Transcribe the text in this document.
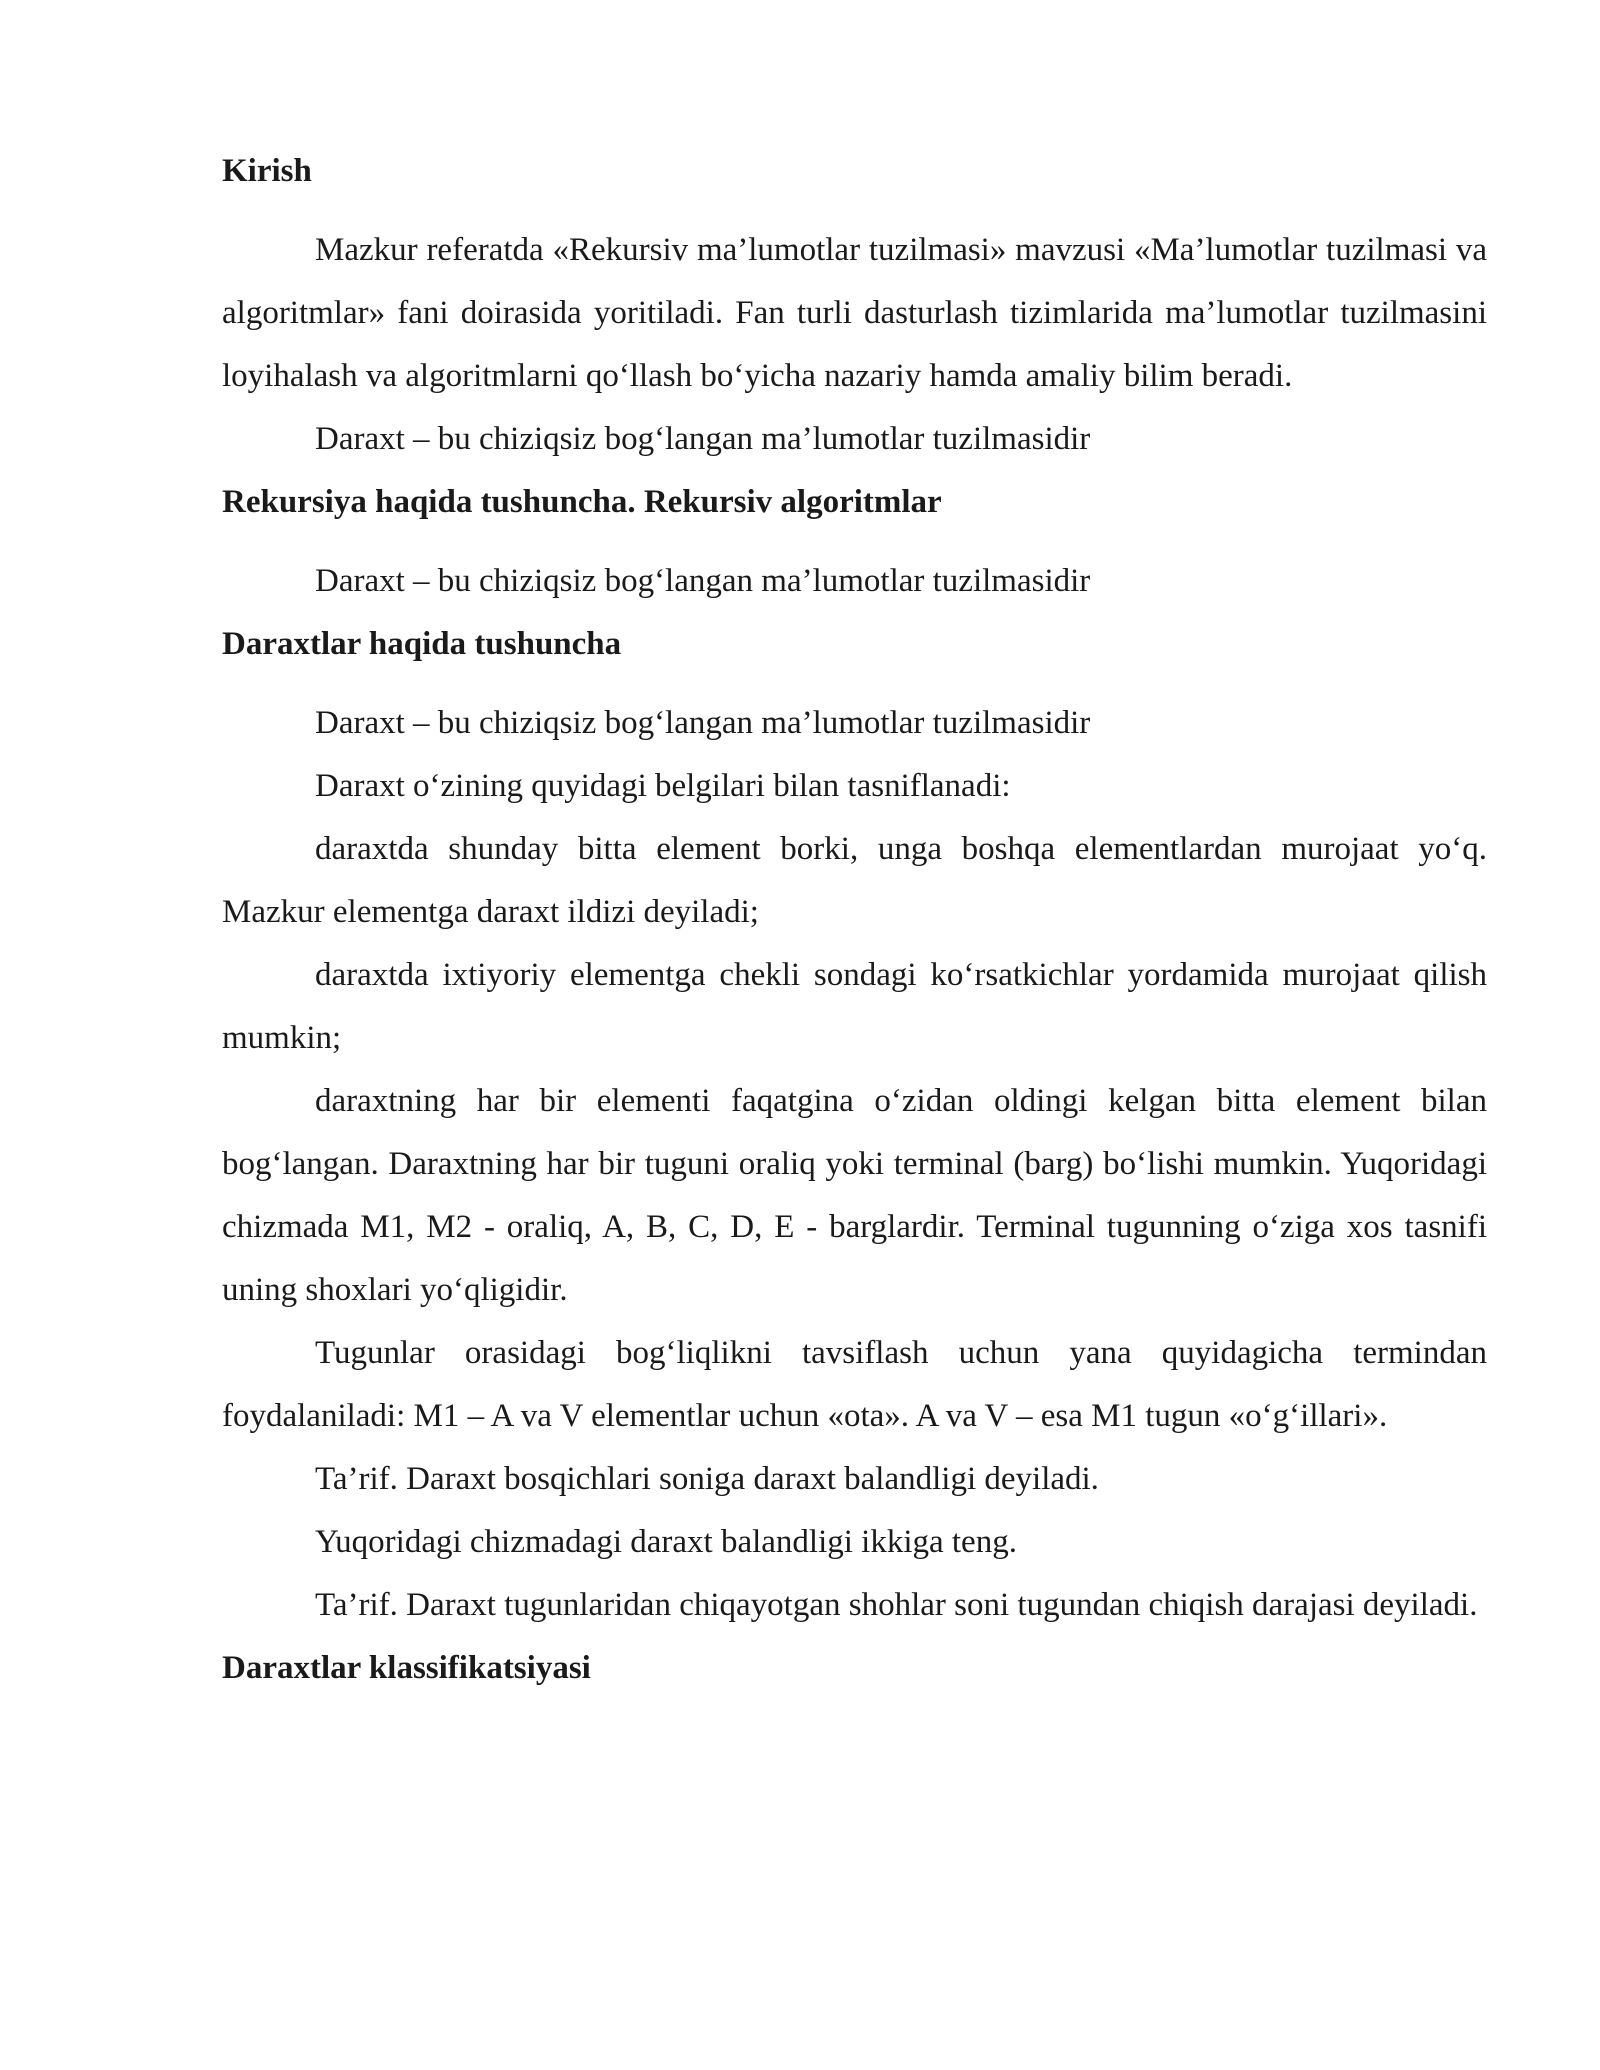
Kirish

Mazkur referatda «Rekursiv ma’lumotlar tuzilmasi» mavzusi «Ma’lumotlar tuzilmasi va algoritmlar» fani doirasida yoritiladi. Fan turli dasturlash tizimlarida ma’lumotlar tuzilmasini loyihalash va algoritmlarni qo‘llash bo‘yicha nazariy hamda amaliy bilim beradi.

Daraxt – bu chiziqsiz bog‘langan ma’lumotlar tuzilmasidir

Rekursiya haqida tushuncha. Rekursiv algoritmlar

Daraxt – bu chiziqsiz bog‘langan ma’lumotlar tuzilmasidir

Daraxtlar haqida tushuncha

Daraxt – bu chiziqsiz bog‘langan ma’lumotlar tuzilmasidir

Daraxt o‘zining quyidagi belgilari bilan tasniflanadi:

daraxtda shunday bitta element borki, unga boshqa elementlardan murojaat yo‘q. Mazkur elementga daraxt ildizi deyiladi;

daraxtda ixtiyoriy elementga chekli sondagi ko‘rsatkichlar yordamida murojaat qilish mumkin;

daraxtning har bir elementi faqatgina o‘zidan oldingi kelgan bitta element bilan bog‘langan. Daraxtning har bir tuguni oraliq yoki terminal (barg) bo‘lishi mumkin. Yuqoridagi chizmada M1, M2 - oraliq, A, B, C, D, E - barglardir. Terminal tugunning o‘ziga xos tasnifi uning shoxlari yo‘qligidir.

Tugunlar orasidagi bog‘liqlikni tavsiflash uchun yana quyidagicha termindan foydalaniladi: M1 – A va V elementlar uchun «ota». A va V – esa M1 tugun «o‘g‘illari».

Ta’rif. Daraxt bosqichlari soniga daraxt balandligi deyiladi.

Yuqoridagi chizmadagi daraxt balandligi ikkiga teng.

Ta’rif. Daraxt tugunlaridan chiqayotgan shohlar soni tugundan chiqish darajasi deyiladi.

Daraxtlar klassifikatsiyasi
